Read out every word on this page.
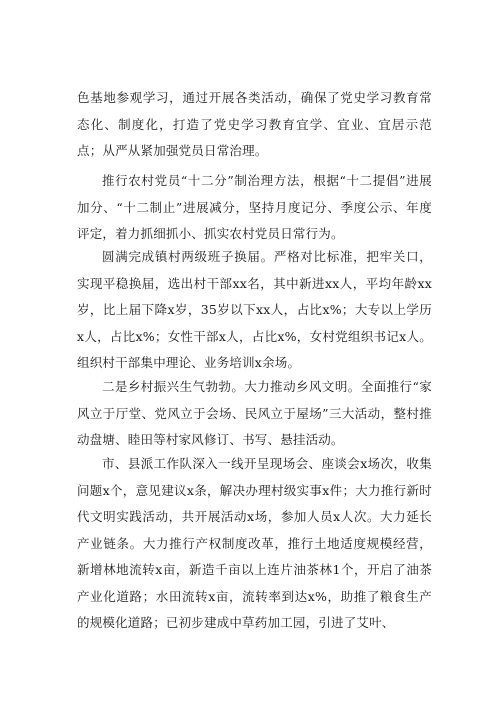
色基地参观学习，通过开展各类活动，确保了党史学习教育常态化、制度化，打造了党史学习教育宜学、宜业、宜居示范点；从严从紧加强党员日常治理。

推行农村党员“十二分”制治理方法，根据“十二提倡”进展加分、“十二制止”进展减分，坚持月度记分、季度公示、年度评定，着力抓细抓小、抓实农村党员日常行为。

圆满完成镇村两级班子换届。严格对比标准，把牢关口，实现平稳换届，选出村干部xx名，其中新进xx人，平均年龄xx岁，比上届下降x岁，35岁以下xx人，占比x%；大专以上学历x人，占比x%；女性干部x人，占比x%，女村党组织书记x人。组织村干部集中理论、业务培训x余场。

二是乡村振兴生气勃勃。大力推动乡风文明。全面推行“家风立于厅堂、党风立于会场、民风立于屋场”三大活动，整村推动盘塘、睦田等村家风修订、书写、悬挂活动。

市、县派工作队深入一线开呈现场会、座谈会x场次，收集问题x个，意见建议x条，解决办理村级实事x件；大力推行新时代文明实践活动，共开展活动x场，参加人员x人次。大力延长产业链条。大力推行产权制度改革，推行土地适度规模经营，新增林地流转x亩，新造千亩以上连片油茶林1个，开启了油茶产业化道路；水田流转x亩，流转率到达x%，助推了粮食生产的规模化道路；已初步建成中草药加工园，引进了艾叶、
